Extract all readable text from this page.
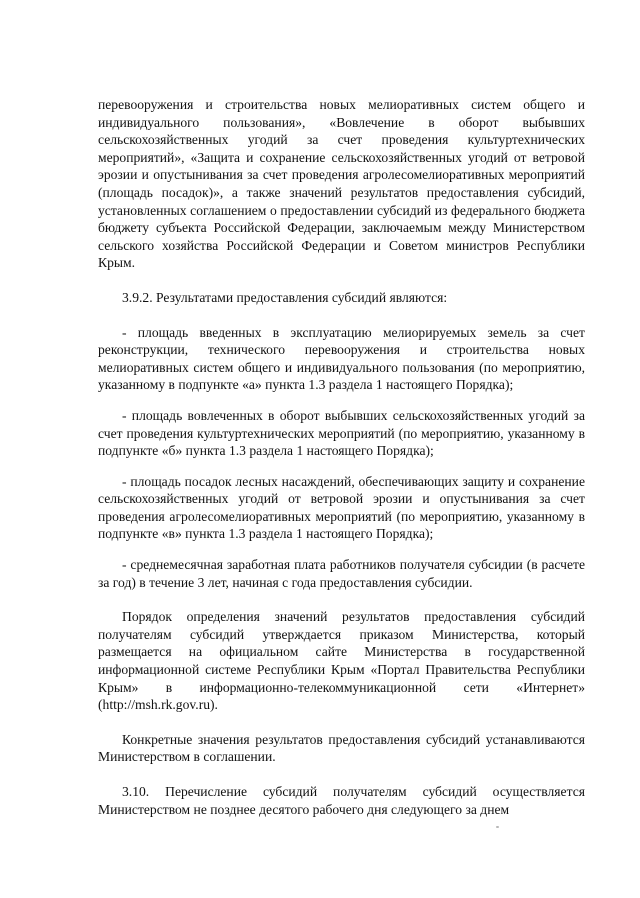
перевооружения и строительства новых мелиоративных систем общего и индивидуального пользования», «Вовлечение в оборот выбывших сельскохозяйственных угодий за счет проведения культуртехнических мероприятий», «Защита и сохранение сельскохозяйственных угодий от ветровой эрозии и опустынивания за счет проведения агролесомелиоративных мероприятий (площадь посадок)», а также значений результатов предоставления субсидий, установленных соглашением о предоставлении субсидий из федерального бюджета бюджету субъекта Российской Федерации, заключаемым между Министерством сельского хозяйства Российской Федерации и Советом министров Республики Крым.

3.9.2. Результатами предоставления субсидий являются:

- площадь введенных в эксплуатацию мелиорируемых земель за счет реконструкции, технического перевооружения и строительства новых мелиоративных систем общего и индивидуального пользования (по мероприятию, указанному в подпункте «а» пункта 1.3 раздела 1 настоящего Порядка);

- площадь вовлеченных в оборот выбывших сельскохозяйственных угодий за счет проведения культуртехнических мероприятий (по мероприятию, указанному в подпункте «б» пункта 1.3 раздела 1 настоящего Порядка);

- площадь посадок лесных насаждений, обеспечивающих защиту и сохранение сельскохозяйственных угодий от ветровой эрозии и опустынивания за счет проведения агролесомелиоративных мероприятий (по мероприятию, указанному в подпункте «в» пункта 1.3 раздела 1 настоящего Порядка);

- среднемесячная заработная плата работников получателя субсидии (в расчете за год) в течение 3 лет, начиная с года предоставления субсидии.

Порядок определения значений результатов предоставления субсидий получателям субсидий утверждается приказом Министерства, который размещается на официальном сайте Министерства в государственной информационной системе Республики Крым «Портал Правительства Республики Крым» в информационно-телекоммуникационной сети «Интернет» (http://msh.rk.gov.ru).

Конкретные значения результатов предоставления субсидий устанавливаются Министерством в соглашении.

3.10. Перечисление субсидий получателям субсидий осуществляется Министерством не позднее десятого рабочего дня следующего за днем
